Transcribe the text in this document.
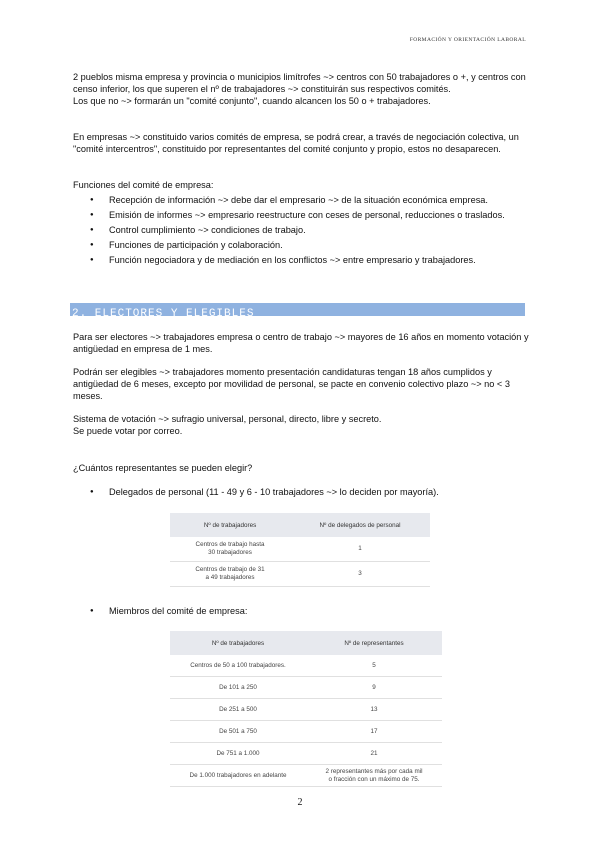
FORMACIÓN Y ORIENTACIÓN LABORAL

2 pueblos misma empresa y provincia o municipios limítrofes ~> centros con 50 trabajadores o +, y centros con
censo inferior, los que superen el nº de trabajadores ~> constituirán sus respectivos comités.
Los que no ~> formarán un "comité conjunto", cuando alcancen los 50 o + trabajadores.

En empresas ~> constituido varios comités de empresa, se podrá crear, a través de negociación colectiva, un
"comité intercentros", constituido por representantes del comité conjunto y propio, estos no desaparecen.

Funciones del comité de empresa:

● Recepción de información ~> debe dar el empresario ~> de la situación económica empresa.
● Emisión de informes ~> empresario reestructure con ceses de personal, reducciones o traslados.
● Control cumplimiento ~> condiciones de trabajo.
● Funciones de participación y colaboración.
● Función negociadora y de mediación en los conflictos ~> entre empresario y trabajadores.
2. ELECTORES Y ELEGIBLES

Para ser electores ~> trabajadores empresa o centro de trabajo ~> mayores de 16 años en momento votación y
antigüedad en empresa de 1 mes.

Podrán ser elegibles ~> trabajadores momento presentación candidaturas tengan 18 años cumplidos y
antigüedad de 6 meses, excepto por movilidad de personal, se pacte en convenio colectivo plazo ~> no < 3
meses.

Sistema de votación ~> sufragio universal, personal, directo, libre y secreto.
Se puede votar por correo.

¿Cuántos representantes se pueden elegir?

● Delegados de personal (11 - 49 y 6 - 10 trabajadores ~> lo deciden por mayoría).
Nº de trabajadores	Nº de delegados de personal

Centros de trabajo hasta
30 trabajadores	1

Centros de trabajo de 31
a 49 trabajadores	3
● Miembros del comité de empresa:
Nº de trabajadores	Nº de representantes
Centros de 50 a 100 trabajadores.	5
De 101 a 250	9
De 251 a 500	13
De 501 a 750	17
De 751 a 1.000	21
De 1.000 trabajadores en adelante	2 representantes más por cada mil
o fracción con un máximo de 75.
2
